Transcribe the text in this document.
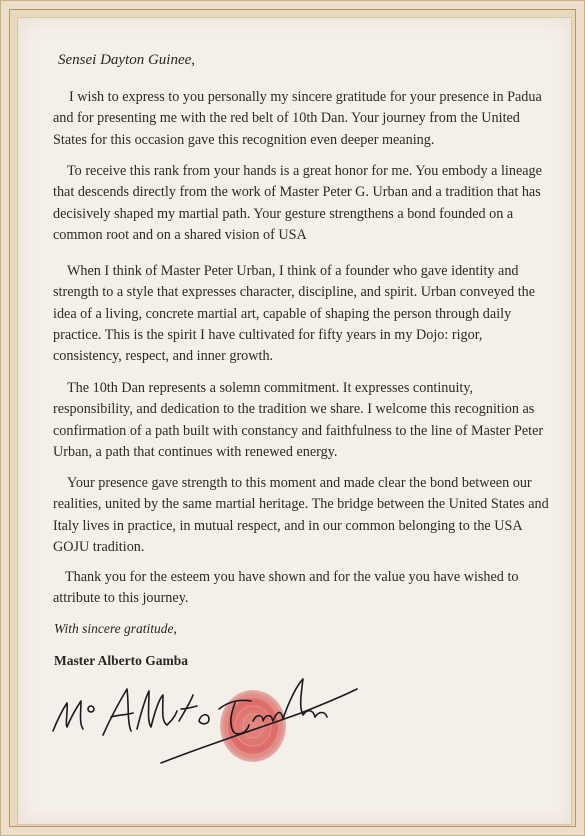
Sensei Dayton Guinee,

I wish to express to you personally my sincere gratitude for your presence in Padua and for presenting me with the red belt of 10th Dan. Your journey from the United States for this occasion gave this recognition even deeper meaning.

To receive this rank from your hands is a great honor for me. You embody a lineage that descends directly from the work of Master Peter G. Urban and a tradition that has decisively shaped my martial path. Your gesture strengthens a bond founded on a common root and on a shared vision of USA

When I think of Master Peter Urban, I think of a founder who gave identity and strength to a style that expresses character, discipline, and spirit. Urban conveyed the idea of a living, concrete martial art, capable of shaping the person through daily practice. This is the spirit I have cultivated for fifty years in my Dojo: rigor, consistency, respect, and inner growth.

The 10th Dan represents a solemn commitment. It expresses continuity, responsibility, and dedication to the tradition we share. I welcome this recognition as confirmation of a path built with constancy and faithfulness to the line of Master Peter Urban, a path that continues with renewed energy.

Your presence gave strength to this moment and made clear the bond between our realities, united by the same martial heritage. The bridge between the United States and Italy lives in practice, in mutual respect, and in our common belonging to the USA GOJU tradition.

Thank you for the esteem you have shown and for the value you have wished to attribute to this journey.

With sincere gratitude,

Master Alberto Gamba
